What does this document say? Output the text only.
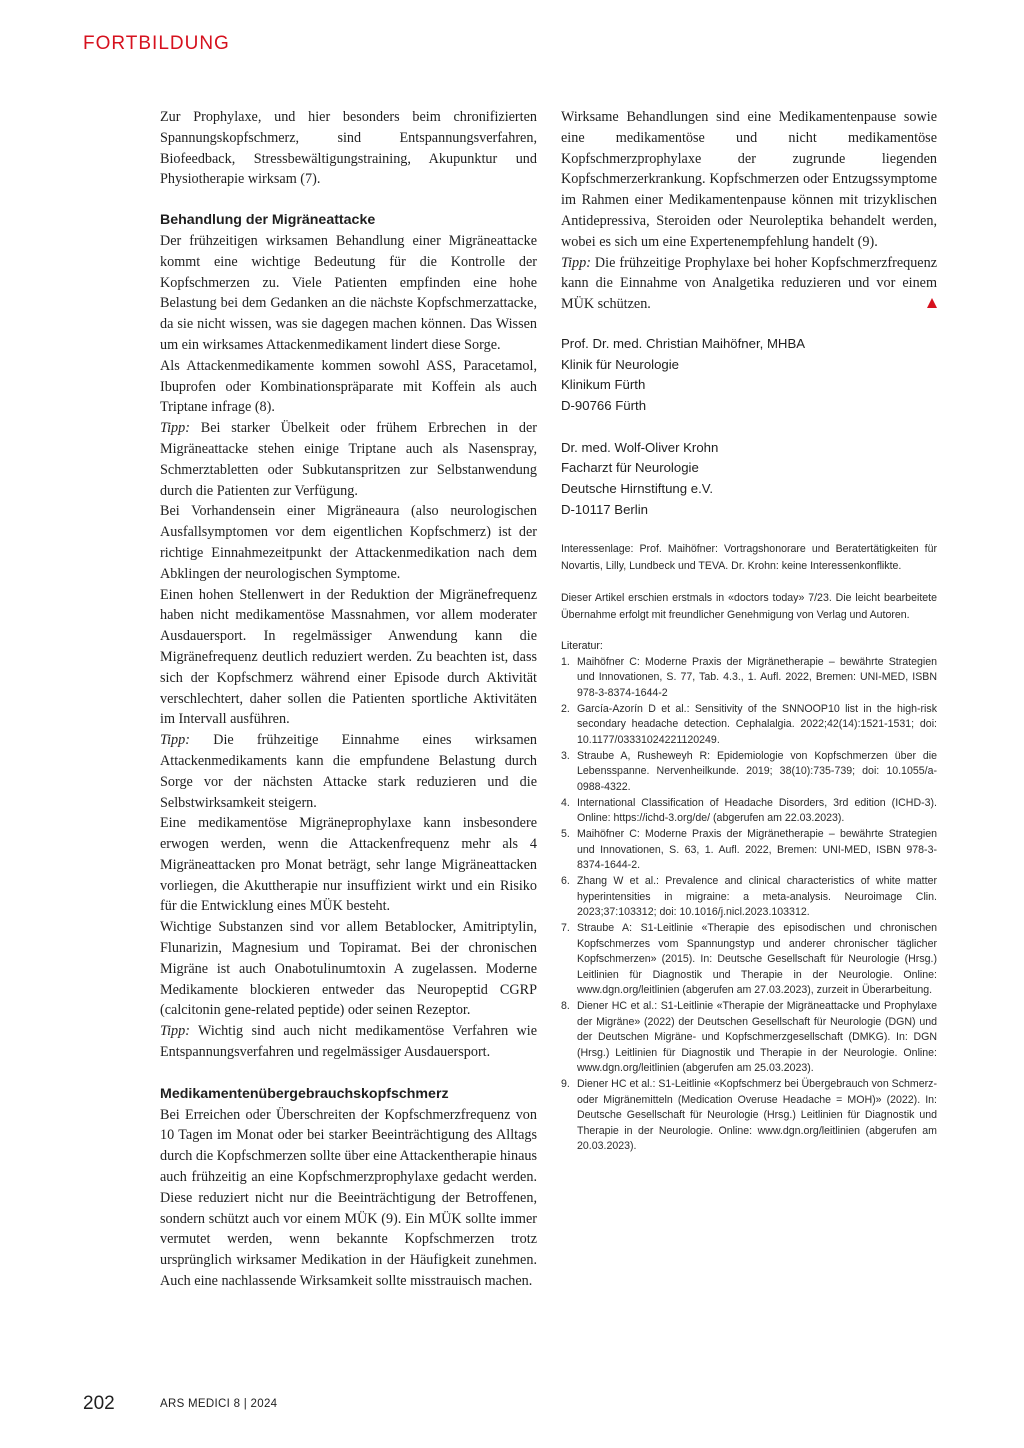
FORTBILDUNG

Zur Prophylaxe, und hier besonders beim chronifizierten Spannungskopfschmerz, sind Entspannungsverfahren, Biofeedback, Stressbewältigungstraining, Akupunktur und Physiotherapie wirksam (7).

Behandlung der Migräneattacke

Der frühzeitigen wirksamen Behandlung einer Migräneattacke kommt eine wichtige Bedeutung für die Kontrolle der Kopfschmerzen zu. Viele Patienten empfinden eine hohe Belastung bei dem Gedanken an die nächste Kopfschmerzattacke, da sie nicht wissen, was sie dagegen machen können. Das Wissen um ein wirksames Attackenmedikament lindert diese Sorge.

Als Attackenmedikamente kommen sowohl ASS, Paracetamol, Ibuprofen oder Kombinationspräparate mit Koffein als auch Triptane infrage (8).

Tipp: Bei starker Übelkeit oder frühem Erbrechen in der Migräneattacke stehen einige Triptane auch als Nasenspray, Schmerztabletten oder Subkutanspritzen zur Selbstanwendung durch die Patienten zur Verfügung.

Bei Vorhandensein einer Migräneaura (also neurologischen Ausfallsymptomen vor dem eigentlichen Kopfschmerz) ist der richtige Einnahmezeitpunkt der Attackenmedikation nach dem Abklingen der neurologischen Symptome.

Einen hohen Stellenwert in der Reduktion der Migränefrequenz haben nicht medikamentöse Massnahmen, vor allem moderater Ausdauersport. In regelmässiger Anwendung kann die Migränefrequenz deutlich reduziert werden. Zu beachten ist, dass sich der Kopfschmerz während einer Episode durch Aktivität verschlechtert, daher sollen die Patienten sportliche Aktivitäten im Intervall ausführen.

Tipp: Die frühzeitige Einnahme eines wirksamen Attackenmedikaments kann die empfundene Belastung durch Sorge vor der nächsten Attacke stark reduzieren und die Selbstwirksamkeit steigern.

Eine medikamentöse Migräneprophylaxe kann insbesondere erwogen werden, wenn die Attackenfrequenz mehr als 4 Migräneattacken pro Monat beträgt, sehr lange Migräneattacken vorliegen, die Akuttherapie nur insuffizient wirkt und ein Risiko für die Entwicklung eines MÜK besteht.

Wichtige Substanzen sind vor allem Betablocker, Amitriptylin, Flunarizin, Magnesium und Topiramat. Bei der chronischen Migräne ist auch Onabotulinumtoxin A zugelassen. Moderne Medikamente blockieren entweder das Neuropeptid CGRP (calcitonin gene-related peptide) oder seinen Rezeptor.

Tipp: Wichtig sind auch nicht medikamentöse Verfahren wie Entspannungsverfahren und regelmässiger Ausdauersport.

Medikamentenübergebrauchskopfschmerz

Bei Erreichen oder Überschreiten der Kopfschmerzfrequenz von 10 Tagen im Monat oder bei starker Beeinträchtigung des Alltags durch die Kopfschmerzen sollte über eine Attackentherapie hinaus auch frühzeitig an eine Kopfschmerzprophylaxe gedacht werden. Diese reduziert nicht nur die Beeinträchtigung der Betroffenen, sondern schützt auch vor einem MÜK (9). Ein MÜK sollte immer vermutet werden, wenn bekannte Kopfschmerzen trotz ursprünglich wirksamer Medikation in der Häufigkeit zunehmen. Auch eine nachlassende Wirksamkeit sollte misstrauisch machen.

Wirksame Behandlungen sind eine Medikamentenpause sowie eine medikamentöse und nicht medikamentöse Kopfschmerzprophylaxe der zugrunde liegenden Kopfschmerzerkrankung. Kopfschmerzen oder Entzugssymptome im Rahmen einer Medikamentenpause können mit trizyklischen Antidepressiva, Steroiden oder Neuroleptika behandelt werden, wobei es sich um eine Expertenempfehlung handelt (9).

Tipp: Die frühzeitige Prophylaxe bei hoher Kopfschmerzfrequenz kann die Einnahme von Analgetika reduzieren und vor einem MÜK schützen.

Prof. Dr. med. Christian Maihöfner, MHBA
Klinik für Neurologie
Klinikum Fürth
D-90766 Fürth
Dr. med. Wolf-Oliver Krohn
Facharzt für Neurologie
Deutsche Hirnstiftung e.V.
D-10117 Berlin

Interessenlage: Prof. Maihöfner: Vortragshonorare und Beratertätigkeiten für Novartis, Lilly, Lundbeck und TEVA. Dr. Krohn: keine Interessenkonflikte.

Dieser Artikel erschien erstmals in «doctors today» 7/23. Die leicht bearbeitete Übernahme erfolgt mit freundlicher Genehmigung von Verlag und Autoren.

Literatur:
1. Maihöfner C: Moderne Praxis der Migränetherapie – bewährte Strategien und Innovationen, S. 77, Tab. 4.3., 1. Aufl. 2022, Bremen: UNI-MED, ISBN 978-3-8374-1644-2
2. García-Azorín D et al.: Sensitivity of the SNNOOP10 list in the high-risk secondary headache detection. Cephalalgia. 2022;42(14):1521-1531; doi: 10.1177/03331024221120249.
3. Straube A, Rusheweyh R: Epidemiologie von Kopfschmerzen über die Lebensspanne. Nervenheilkunde. 2019; 38(10):735-739; doi: 10.1055/a-0988-4322.
4. International Classification of Headache Disorders, 3rd edition (ICHD-3). Online: https://ichd-3.org/de/ (abgerufen am 22.03.2023).
5. Maihöfner C: Moderne Praxis der Migränetherapie – bewährte Strategien und Innovationen, S. 63, 1. Aufl. 2022, Bremen: UNI-MED, ISBN 978-3-8374-1644-2.
6. Zhang W et al.: Prevalence and clinical characteristics of white matter hyperintensities in migraine: a meta-analysis. Neuroimage Clin. 2023;37:103312; doi: 10.1016/j.nicl.2023.103312.
7. Straube A: S1-Leitlinie «Therapie des episodischen und chronischen Kopfschmerzes vom Spannungstyp und anderer chronischer täglicher Kopfschmerzen» (2015). In: Deutsche Gesellschaft für Neurologie (Hrsg.) Leitlinien für Diagnostik und Therapie in der Neurologie. Online: www.dgn.org/leitlinien (abgerufen am 27.03.2023), zurzeit in Überarbeitung.
8. Diener HC et al.: S1-Leitlinie «Therapie der Migräneattacke und Prophylaxe der Migräne» (2022) der Deutschen Gesellschaft für Neurologie (DGN) und der Deutschen Migräne- und Kopfschmerzgesellschaft (DMKG). In: DGN (Hrsg.) Leitlinien für Diagnostik und Therapie in der Neurologie. Online: www.dgn.org/leitlinien (abgerufen am 25.03.2023).
9. Diener HC et al.: S1-Leitlinie «Kopfschmerz bei Übergebrauch von Schmerz- oder Migränemitteln (Medication Overuse Headache = MOH)» (2022). In: Deutsche Gesellschaft für Neurologie (Hrsg.) Leitlinien für Diagnostik und Therapie in der Neurologie. Online: www.dgn.org/leitlinien (abgerufen am 20.03.2023).
202	ARS MEDICI 8 | 2024
